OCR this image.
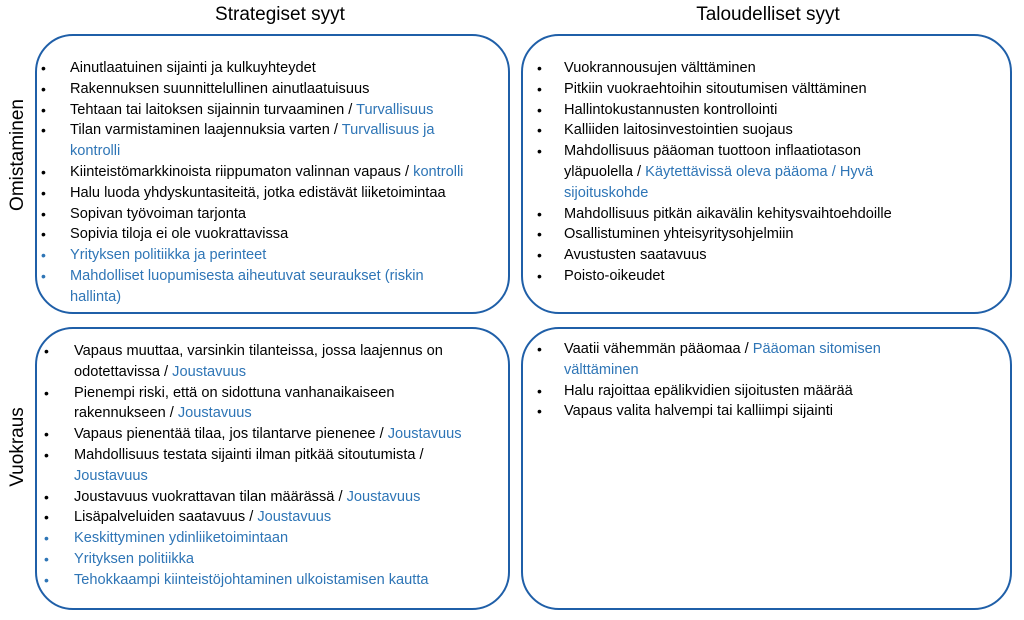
Strategiset syyt	Taloudelliset syyt
Omistaminen
Vuokraus
• Ainutlaatuinen sijainti ja kulkuyhteydet
• Rakennuksen suunnittelullinen ainutlaatuisuus
• Tehtaan tai laitoksen sijainnin turvaaminen / Turvallisuus
• Tilan varmistaminen laajennuksia varten / Turvallisuus ja
kontrolli
• Kiinteistömarkkinoista riippumaton valinnan vapaus / kontrolli
• Halu luoda yhdyskuntasiteitä, jotka edistävät liiketoimintaa
• Sopivan työvoiman tarjonta
• Sopivia tiloja ei ole vuokrattavissa
• Yrityksen politiikka ja perinteet
• Mahdolliset luopumisesta aiheutuvat seuraukset (riskin
hallinta)
• Vuokrannousujen välttäminen
• Pitkiin vuokraehtoihin sitoutumisen välttäminen
• Hallintokustannusten kontrollointi
• Kalliiden laitosinvestointien suojaus
• Mahdollisuus pääoman tuottoon inflaatiotason
yläpuolella / Käytettävissä oleva pääoma / Hyvä
sijoituskohde
• Mahdollisuus pitkän aikavälin kehitysvaihtoehdoille
• Osallistuminen yhteisyritysohjelmiin
• Avustusten saatavuus
• Poisto-oikeudet
• Vapaus muuttaa, varsinkin tilanteissa, jossa laajennus on
odotettavissa / Joustavuus
• Pienempi riski, että on sidottuna vanhanaikaiseen
rakennukseen / Joustavuus
• Vapaus pienentää tilaa, jos tilantarve pienenee / Joustavuus
• Mahdollisuus testata sijainti ilman pitkää sitoutumista /
Joustavuus
• Joustavuus vuokrattavan tilan määrässä / Joustavuus
• Lisäpalveluiden saatavuus / Joustavuus
• Keskittyminen ydinliiketoimintaan
• Yrityksen politiikka
• Tehokkaampi kiinteistöjohtaminen ulkoistamisen kautta
• Vaatii vähemmän pääomaa / Pääoman sitomisen
välttäminen
• Halu rajoittaa epälikvidien sijoitusten määrää
• Vapaus valita halvempi tai kalliimpi sijainti
